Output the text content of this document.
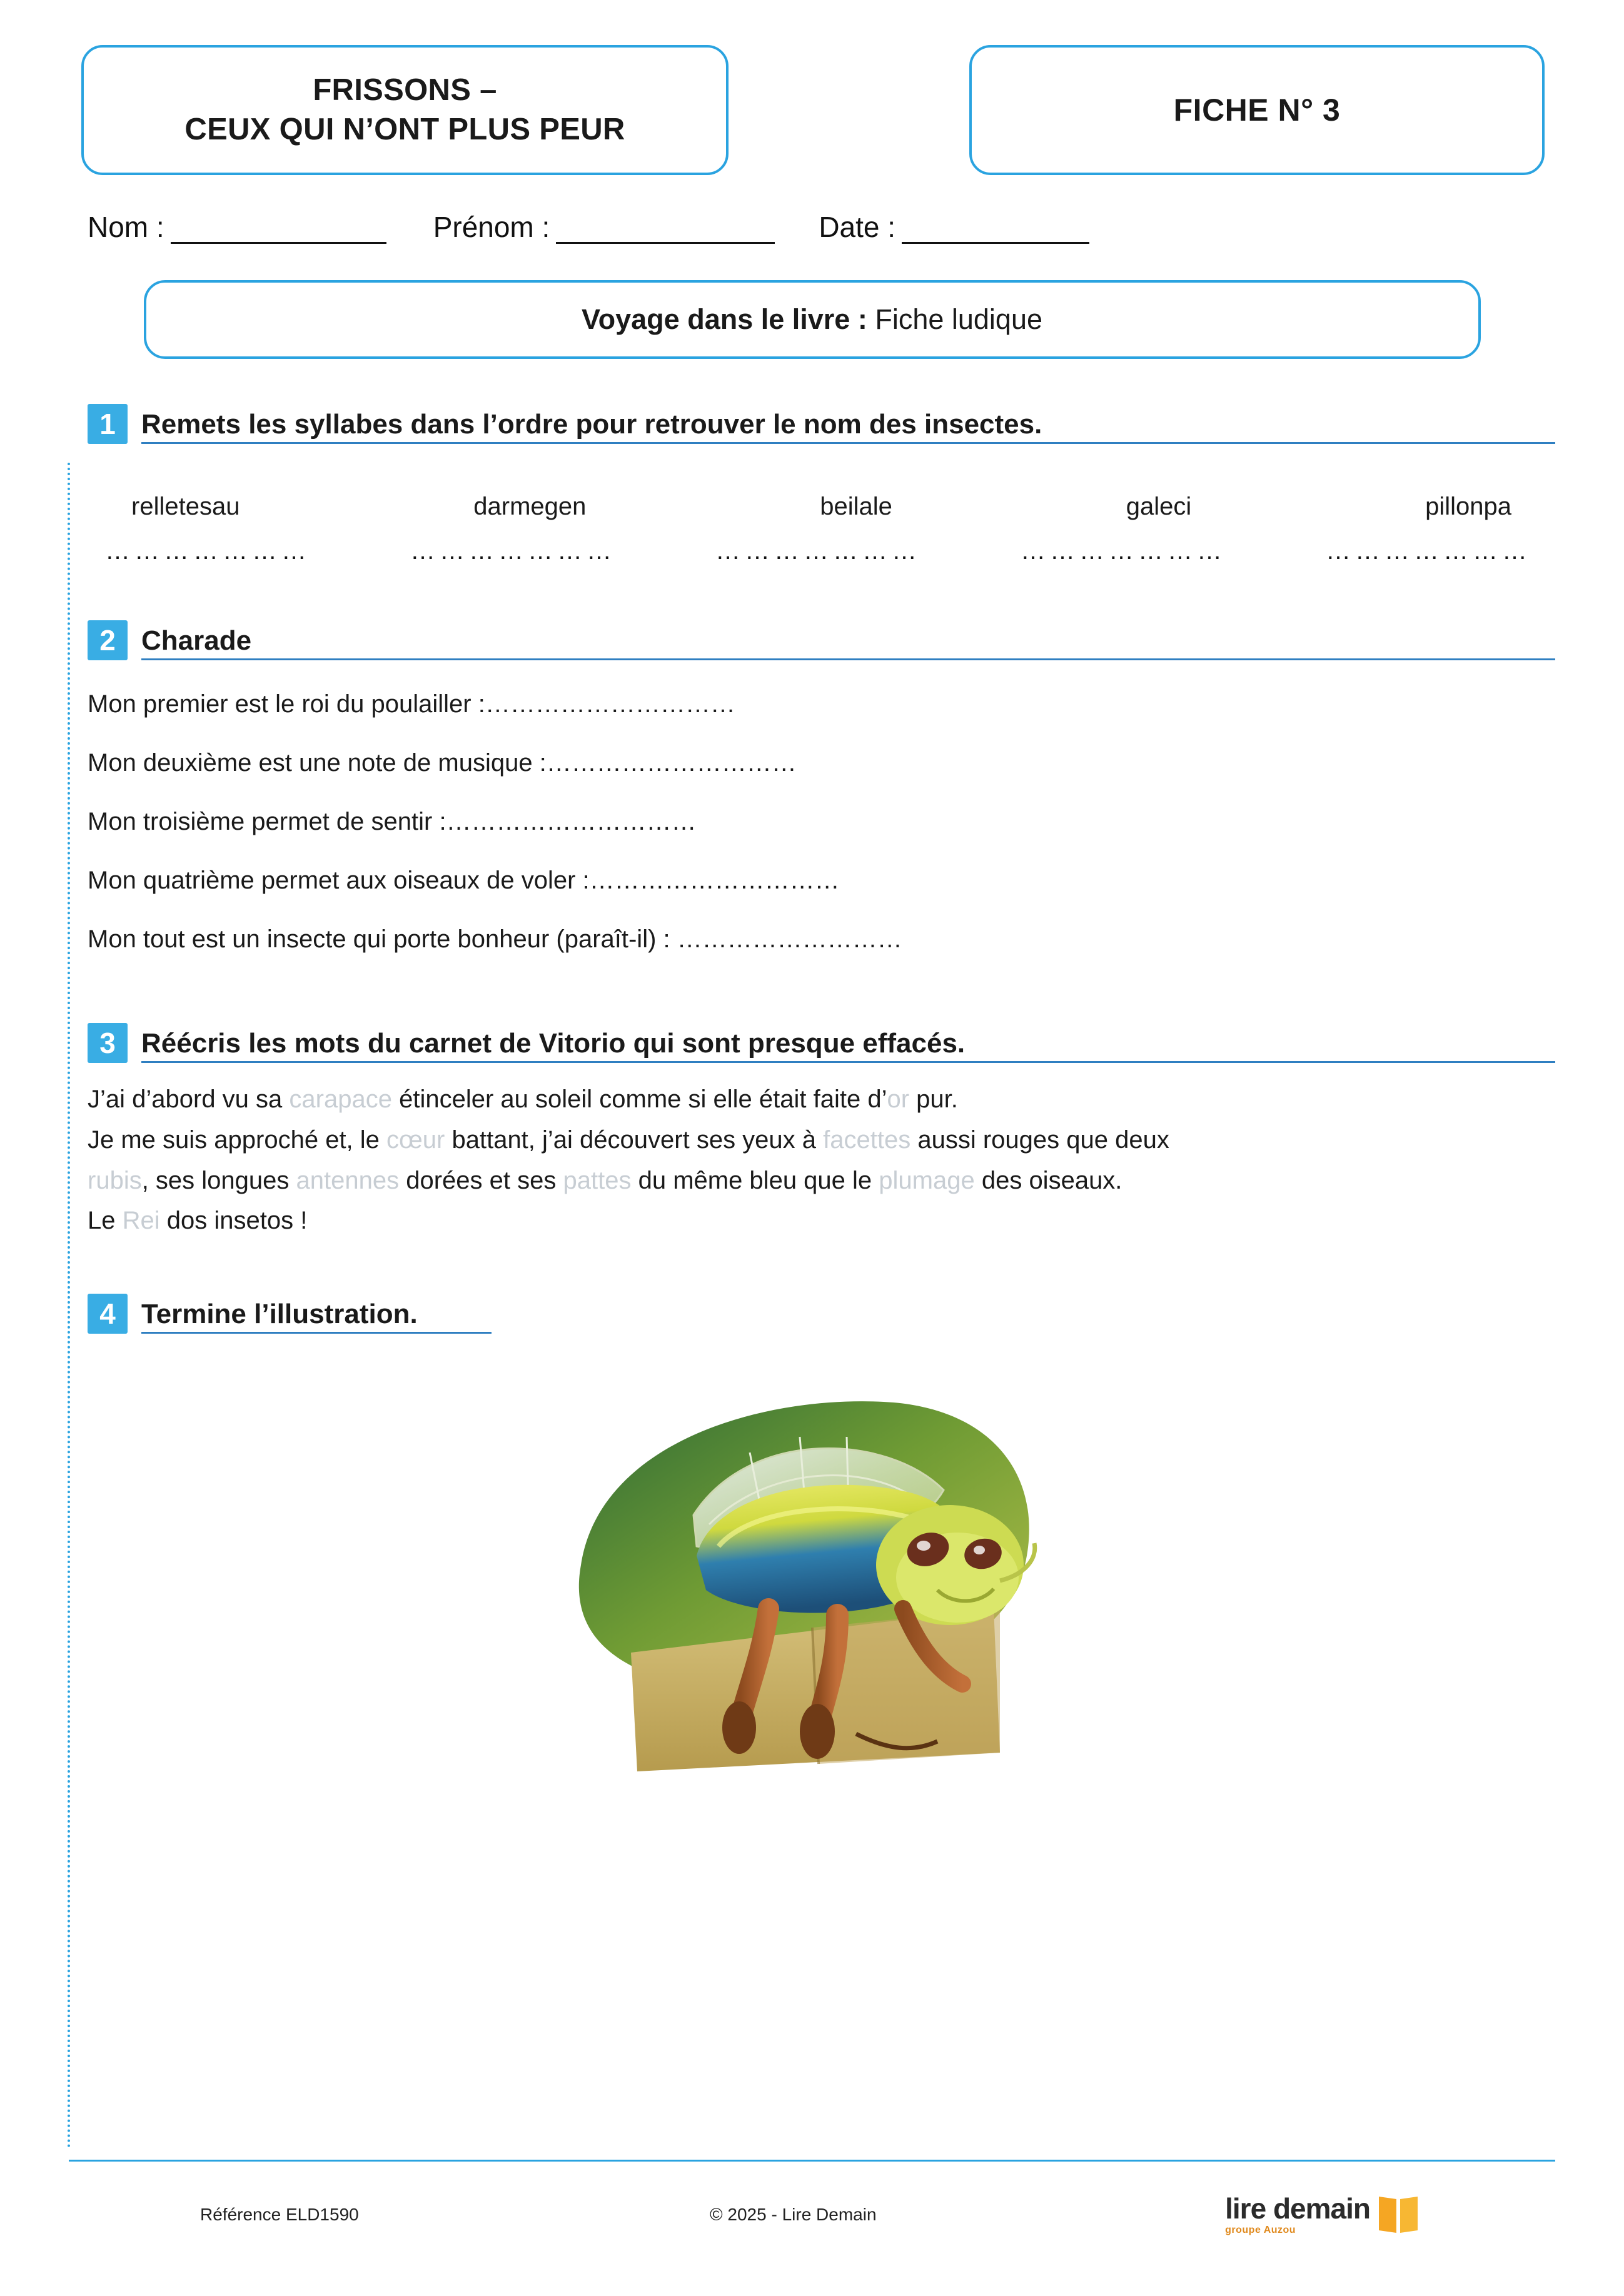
FRISSONS –
CEUX QUI N’ONT PLUS PEUR
FICHE N° 3
Nom :	Prénom :	Date :
Voyage dans le livre : Fiche ludique
1 Remets les syllabes dans l’ordre pour retrouver le nom des insectes.
relletesau	darmegen	beilale	galeci	pillonpa
…………………	…………………	…………………	…………………	…………………
2 Charade
Mon premier est le roi du poulailler :…………………………
Mon deuxième est une note de musique :…………………………
Mon troisième permet de sentir :…………………………
Mon quatrième permet aux oiseaux de voler :…………………………
Mon tout est un insecte qui porte bonheur (paraît-il) : ………………………
3 Réécris les mots du carnet de Vitorio qui sont presque effacés.
J’ai d’abord vu sa carapace étinceler au soleil comme si elle était faite d’or pur.
Je me suis approché et, le cœur battant, j’ai découvert ses yeux à facettes aussi rouges que deux
rubis, ses longues antennes dorées et ses pattes du même bleu que le plumage des oiseaux.
Le Rei dos insetos !
4 Termine l’illustration.
Référence ELD1590	© 2025 - Lire Demain	lire demain
groupe Auzou
